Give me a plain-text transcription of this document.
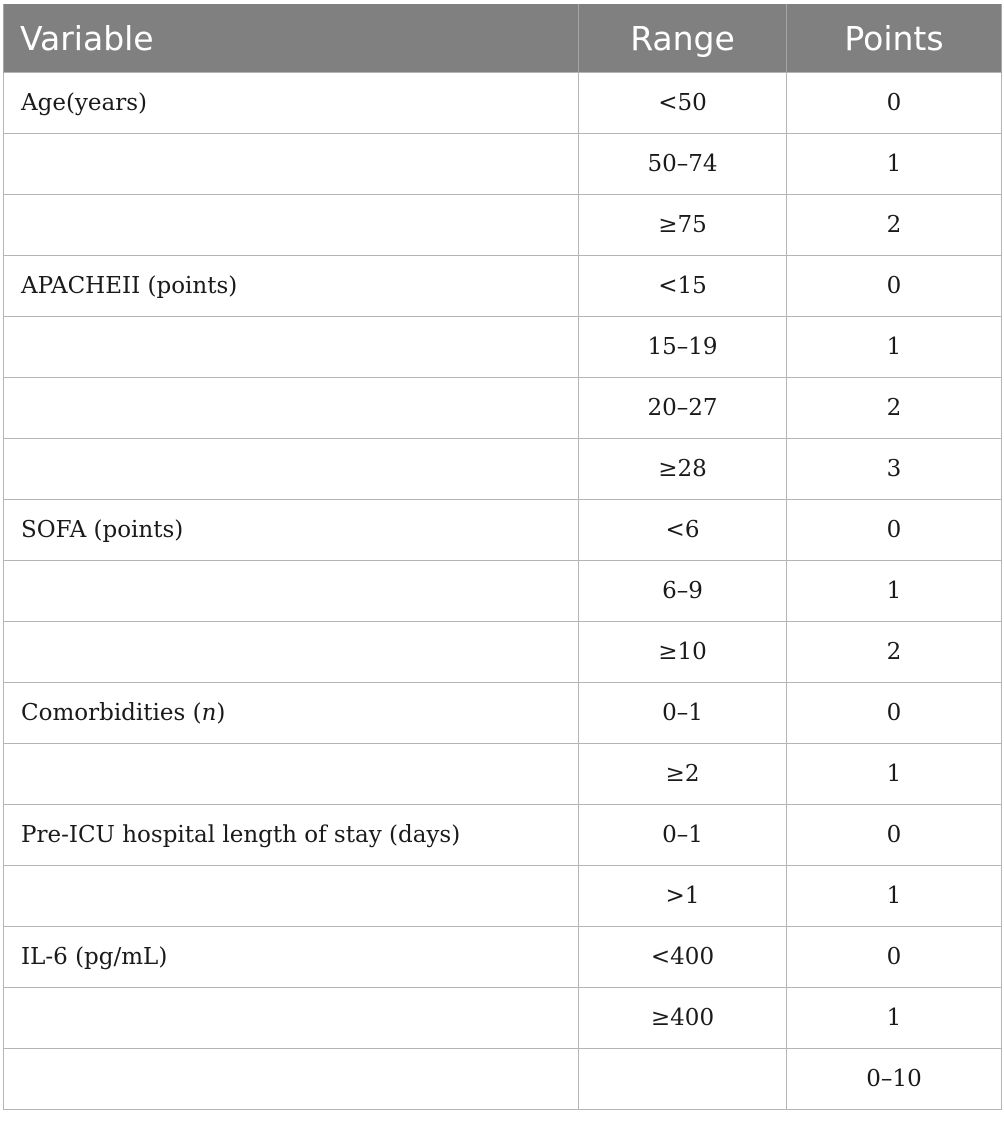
Variable	Range	Points
Age(years)	<50	0
	50–74	1
	≥75	2
APACHEII (points)	<15	0
	15–19	1
	20–27	2
	≥28	3
SOFA (points)	<6	0
	6–9	1
	≥10	2
Comorbidities (n)	0–1	0
	≥2	1
Pre-ICU hospital length of stay (days)	0–1	0
	>1	1
IL-6 (pg/mL)	<400	0
	≥400	1
		0–10
